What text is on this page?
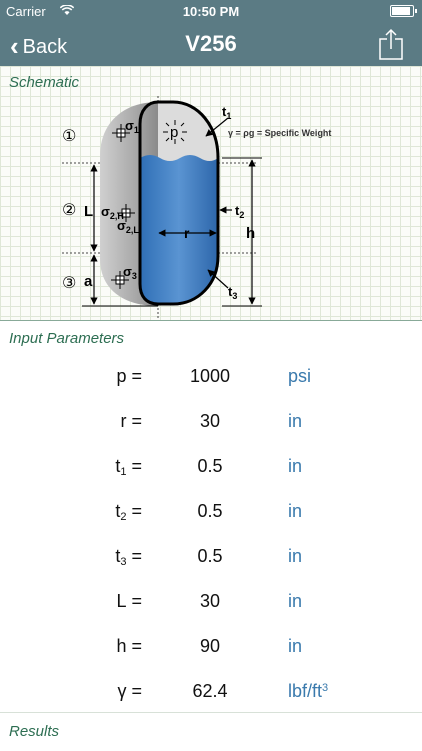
Carrier	10:50 PM
‹ Back	V256
Schematic
①
②
③
$\sigma_1$
$\sigma_{2,H}$
$\sigma_{2,L}$
$\sigma_3$
p
$t_1$
$t_2$
$t_3$
γ = ρg = Specific Weight
L
a
r	h
Input Parameters
p =	1000	psi
r =	30	in
$t_1$ =	0.5	in
$t_2$ =	0.5	in
$t_3$ =	0.5	in
L =	30	in
h =	90	in
γ =	62.4	lbf/$ft^3$
Results
